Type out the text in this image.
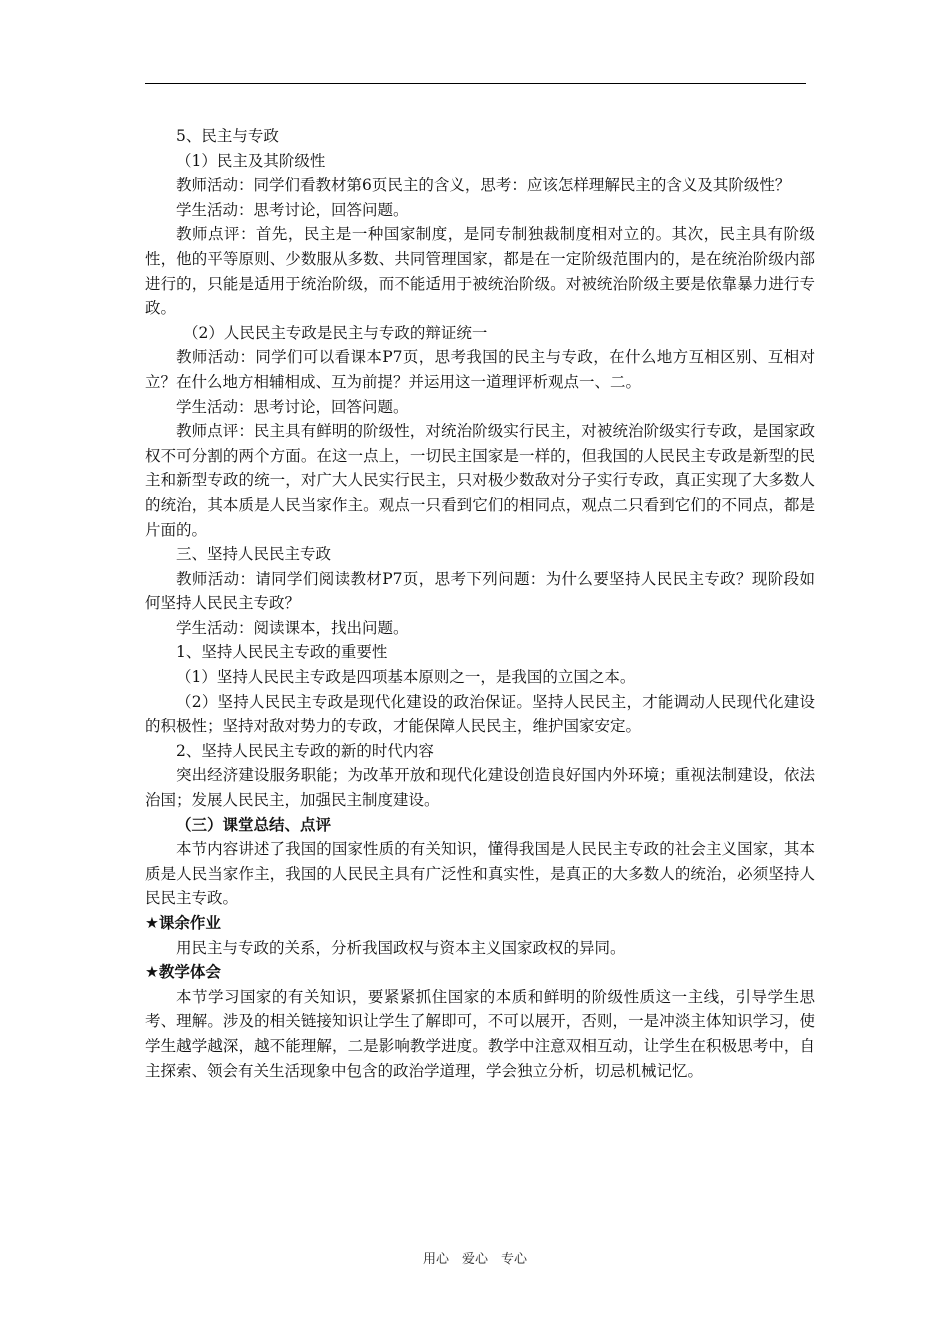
5、民主与专政

（1）民主及其阶级性

教师活动：同学们看教材第6页民主的含义，思考：应该怎样理解民主的含义及其阶级性？

学生活动：思考讨论，回答问题。

教师点评：首先，民主是一种国家制度，是同专制独裁制度相对立的。其次，民主具有阶级性，他的平等原则、少数服从多数、共同管理国家，都是在一定阶级范围内的，是在统治阶级内部进行的，只能是适用于统治阶级，而不能适用于被统治阶级。对被统治阶级主要是依靠暴力进行专政。

（2）人民民主专政是民主与专政的辩证统一

教师活动：同学们可以看课本P7页，思考我国的民主与专政，在什么地方互相区别、互相对立？在什么地方相辅相成、互为前提？并运用这一道理评析观点一、二。

学生活动：思考讨论，回答问题。

教师点评：民主具有鲜明的阶级性，对统治阶级实行民主，对被统治阶级实行专政，是国家政权不可分割的两个方面。在这一点上，一切民主国家是一样的，但我国的人民民主专政是新型的民主和新型专政的统一，对广大人民实行民主，只对极少数敌对分子实行专政，真正实现了大多数人的统治，其本质是人民当家作主。观点一只看到它们的相同点，观点二只看到它们的不同点，都是片面的。

三、坚持人民民主专政

教师活动：请同学们阅读教材P7页，思考下列问题：为什么要坚持人民民主专政？现阶段如何坚持人民民主专政？

学生活动：阅读课本，找出问题。

1、坚持人民民主专政的重要性

（1）坚持人民民主专政是四项基本原则之一，是我国的立国之本。

（2）坚持人民民主专政是现代化建设的政治保证。坚持人民民主，才能调动人民现代化建设的积极性；坚持对敌对势力的专政，才能保障人民民主，维护国家安定。

2、坚持人民民主专政的新的时代内容

突出经济建设服务职能；为改革开放和现代化建设创造良好国内外环境；重视法制建设，依法治国；发展人民民主，加强民主制度建设。

（三）课堂总结、点评

本节内容讲述了我国的国家性质的有关知识，懂得我国是人民民主专政的社会主义国家，其本质是人民当家作主，我国的人民民主具有广泛性和真实性，是真正的大多数人的统治，必须坚持人民民主专政。

★课余作业

用民主与专政的关系，分析我国政权与资本主义国家政权的异同。

★教学体会

本节学习国家的有关知识，要紧紧抓住国家的本质和鲜明的阶级性质这一主线，引导学生思考、理解。涉及的相关链接知识让学生了解即可，不可以展开，否则，一是冲淡主体知识学习，使学生越学越深，越不能理解，二是影响教学进度。教学中注意双相互动，让学生在积极思考中，自主探索、领会有关生活现象中包含的政治学道理，学会独立分析，切忌机械记忆。

用心　爱心　专心
